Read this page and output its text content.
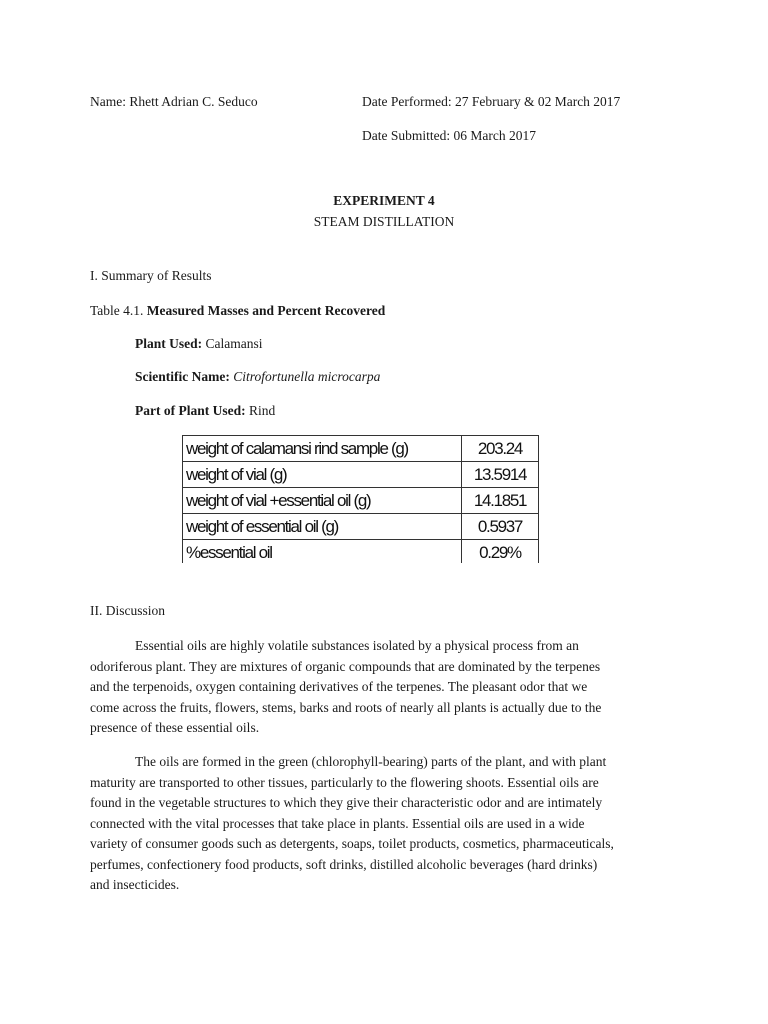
Name: Rhett Adrian C. Seduco	Date Performed: 27 February & 02 March 2017
Date Submitted: 06 March 2017
EXPERIMENT 4
STEAM DISTILLATION
I. Summary of Results
Table 4.1. Measured Masses and Percent Recovered
Plant Used: Calamansi
Scientific Name: Citrofortunella microcarpa
Part of Plant Used: Rind
weight of calamansi rind sample (g)	203.24
weight of vial (g)	13.5914
weight of vial +essential oil (g)	14.1851
weight of essential oil (g)	0.5937
%essential oil	0.29%
II. Discussion
Essential oils are highly volatile substances isolated by a physical process from an
odoriferous plant. They are mixtures of organic compounds that are dominated by the terpenes
and the terpenoids, oxygen containing derivatives of the terpenes. The pleasant odor that we
come across the fruits, flowers, stems, barks and roots of nearly all plants is actually due to the
presence of these essential oils.
The oils are formed in the green (chlorophyll-bearing) parts of the plant, and with plant
maturity are transported to other tissues, particularly to the flowering shoots. Essential oils are
found in the vegetable structures to which they give their characteristic odor and are intimately
connected with the vital processes that take place in plants. Essential oils are used in a wide
variety of consumer goods such as detergents, soaps, toilet products, cosmetics, pharmaceuticals,
perfumes, confectionery food products, soft drinks, distilled alcoholic beverages (hard drinks)
and insecticides.
